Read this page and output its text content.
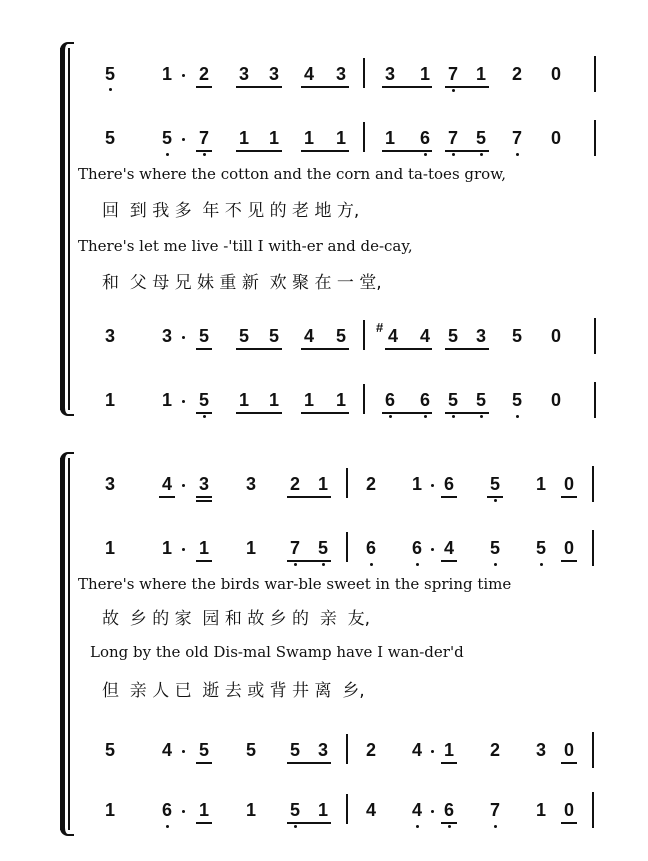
5	1 2 3 3 4 3 3 1 7 1 2 0
5	5 7 1 1 1 1 1 6 7 5 7 0
There's where the cotton and the corn and ta-toes grow,
回  到 我 多  年 不 见 的 老 地 方,
There's let me live -'till I with-er and de-cay,
和  父 母 兄 妹 重 新  欢 聚 在 一 堂,
3	3 5 5 5 4 5 # 4 4 5 3 5 0
1	1 5 1 1 1 1 6 6 5 5 5 0
3	4 3 3 2 1 2 1 6 5 1 0
1	1 1 1 7 5 6 6 4 5 5 0
There's where the birds war-ble sweet in the spring time
故  乡 的 家  园 和 故 乡 的  亲  友,
Long by the old Dis-mal Swamp have I wan-der'd
但  亲 人 已  逝 去 或 背 井 离  乡,
5	4 5 5 5 3 2 4 1 2 3 0
1	6 1 1 5 1 4 4 6 7 1 0
